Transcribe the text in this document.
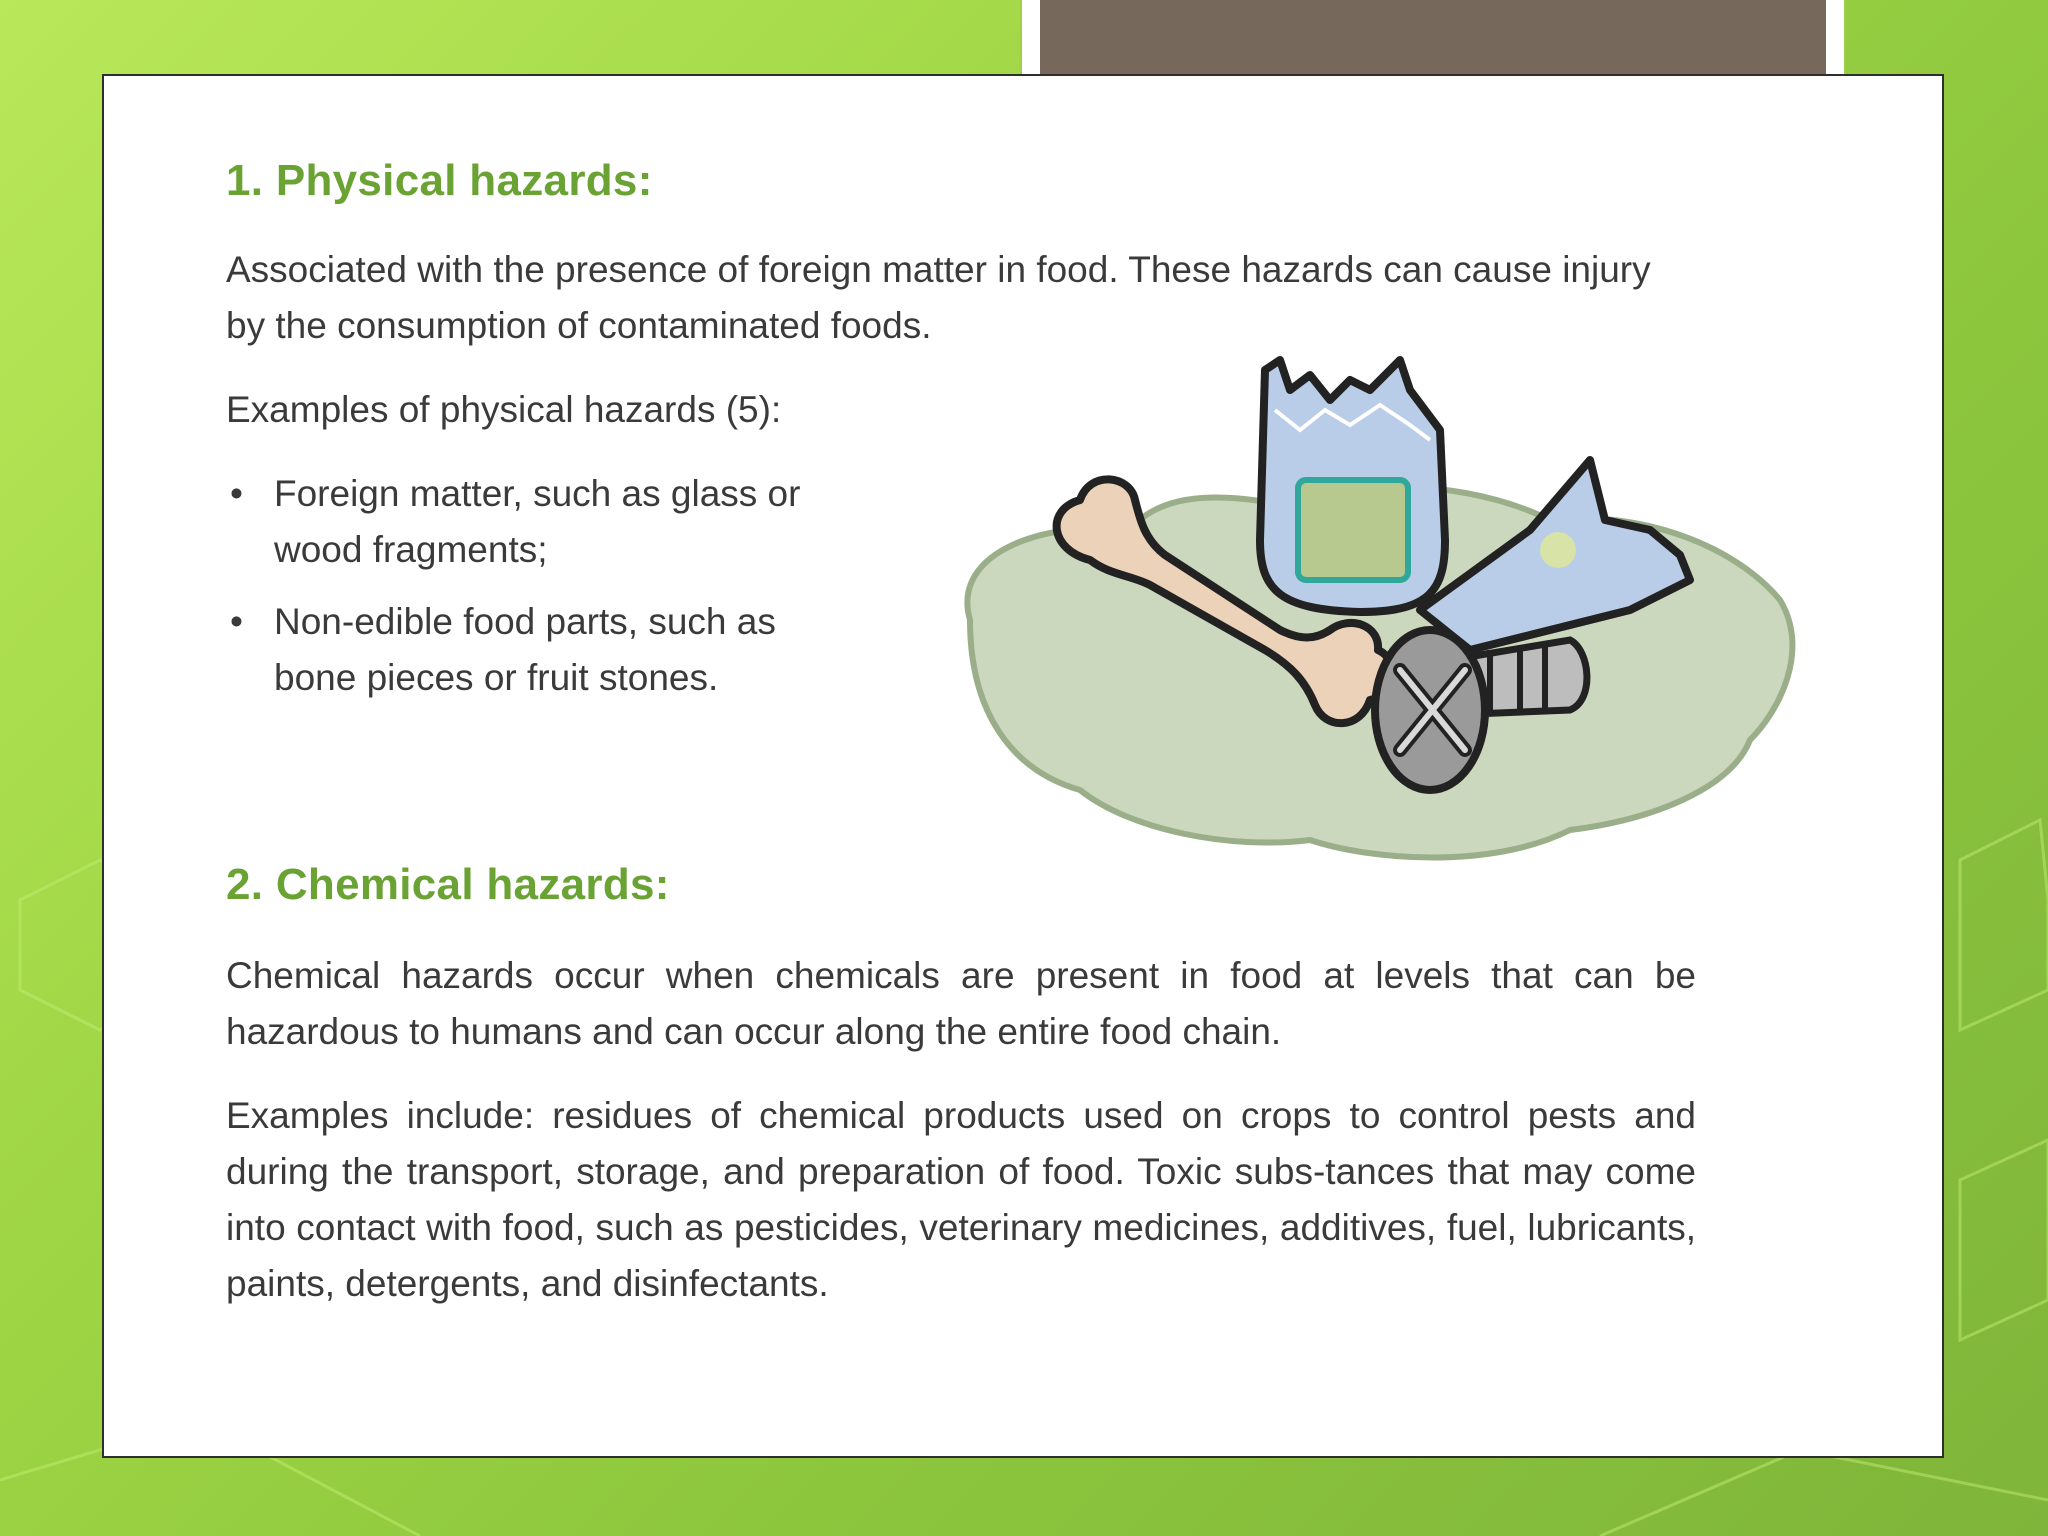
1. Physical hazards:

Associated with the presence of foreign matter in food. These hazards can cause injury by the consumption of contaminated foods.

Examples of physical hazards (5):

• Foreign matter, such as glass or wood fragments;
• Non-edible food parts, such as bone pieces or fruit stones.
2. Chemical hazards:

Chemical hazards occur when chemicals are present in food at levels that can be hazardous to humans and can occur along the entire food chain.

Examples include: residues of chemical products used on crops to control pests and during the transport, storage, and preparation of food. Toxic subs-tances that may come into contact with food, such as pesticides, veterinary medicines, additives, fuel, lubricants, paints, detergents, and disinfectants.
